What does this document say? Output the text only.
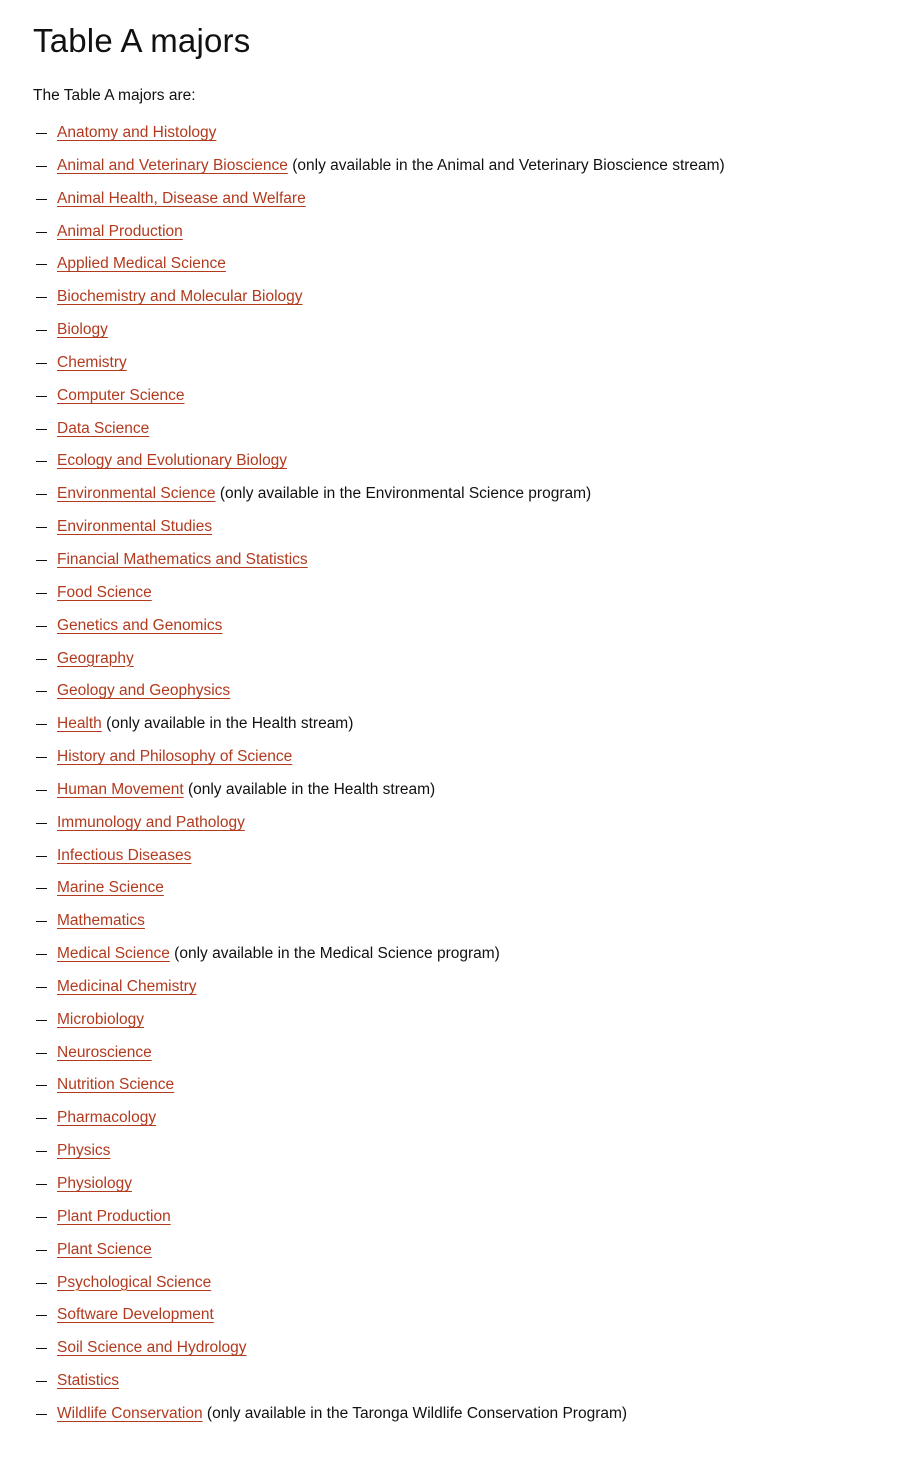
Table A majors

The Table A majors are:

Anatomy and Histology
Animal and Veterinary Bioscience (only available in the Animal and Veterinary Bioscience stream)
Animal Health, Disease and Welfare
Animal Production
Applied Medical Science
Biochemistry and Molecular Biology
Biology
Chemistry
Computer Science
Data Science
Ecology and Evolutionary Biology
Environmental Science (only available in the Environmental Science program)
Environmental Studies
Financial Mathematics and Statistics
Food Science
Genetics and Genomics
Geography
Geology and Geophysics
Health (only available in the Health stream)
History and Philosophy of Science
Human Movement (only available in the Health stream)
Immunology and Pathology
Infectious Diseases
Marine Science
Mathematics
Medical Science (only available in the Medical Science program)
Medicinal Chemistry
Microbiology
Neuroscience
Nutrition Science
Pharmacology
Physics
Physiology
Plant Production
Plant Science
Psychological Science
Software Development
Soil Science and Hydrology
Statistics
Wildlife Conservation (only available in the Taronga Wildlife Conservation Program)
